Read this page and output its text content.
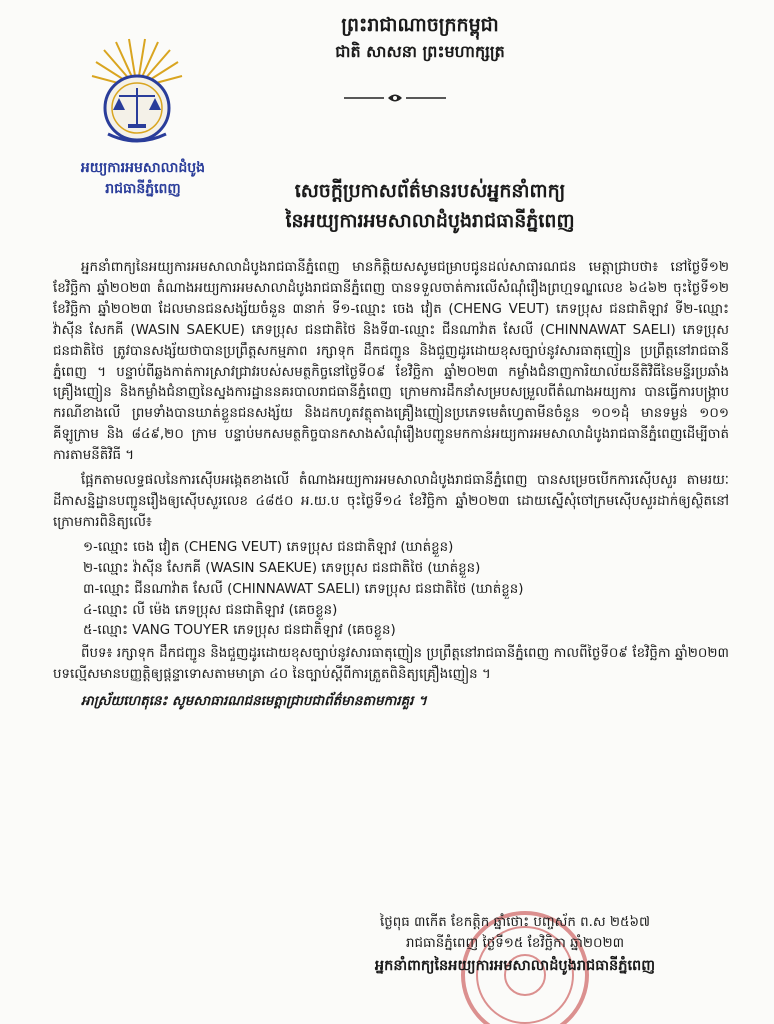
ព្រះរាជាណាចក្រកម្ពុជា
ជាតិ សាសនា ព្រះមហាក្សត្រ
អយ្យការអមសាលាដំបូង
រាជធានីភ្នំពេញ	សេចក្តីប្រកាសព័ត៌មានរបស់អ្នកនាំពាក្យ
នៃអយ្យការអមសាលាដំបូងរាជធានីភ្នំពេញ

អ្នកនាំពាក្យនៃអយ្យការអមសាលាដំបូងរាជធានីភ្នំពេញ មានកិត្តិយសសូមជម្រាបជូនដល់សាធារណជន មេត្តាជ្រាបថា៖ នៅថ្ងៃទី១២ ខែវិច្ឆិកា ឆ្នាំ២០២៣ តំណាងអយ្យការអមសាលាដំបូងរាជធានីភ្នំពេញ បានទទួលចាត់ការលើសំណុំរឿងព្រហ្មទណ្ឌលេខ ៦៤៦២ ចុះថ្ងៃទី១២ ខែវិច្ឆិកា ឆ្នាំ២០២៣ ដែលមានជនសង្ស័យចំនួន ៣នាក់ ទី១-ឈ្មោះ ចេង វៀត (CHENG VEUT) ភេទប្រុស ជនជាតិឡាវ ទី២-ឈ្មោះ វ៉ាស៊ីន សែកគី (WASIN SAEKUE) ភេទប្រុស ជនជាតិថៃ និងទី៣-ឈ្មោះ ជីនណាវ៉ាត សែលី (CHINNAWAT SAELI) ភេទប្រុស ជនជាតិថៃ ត្រូវបានសង្ស័យថាបានប្រព្រឹត្តសកម្មភាព រក្សាទុក ដឹកជញ្ជូន និងជួញដូរដោយខុសច្បាប់នូវសារធាតុញៀន ប្រព្រឹត្តនៅរាជធានីភ្នំពេញ ។ បន្ទាប់ពីឆ្លងកាត់ការស្រាវជ្រាវរបស់សមត្ថកិច្ចនៅថ្ងៃទី០៩ ខែវិច្ឆិកា ឆ្នាំ២០២៣ កម្លាំងជំនាញការិយាល័យនីតិវិធីនៃមន្ទីរប្រឆាំងគ្រឿងញៀន និងកម្លាំងជំនាញនៃស្នងការដ្ឋាននគរបាលរាជធានីភ្នំពេញ ក្រោមការដឹកនាំសម្របសម្រួលពីតំណាងអយ្យការ បានធ្វើការបង្ក្រាបករណីខាងលើ ព្រមទាំងបានឃាត់ខ្លួនជនសង្ស័យ និងដកហូតវត្ថុតាងគ្រឿងញៀនប្រភេទមេតំហ្វេតាមីនចំនួន ១០១ដុំ មានទម្ងន់ ១០១ គីឡូក្រាម និង ៨៤៩,២០ ក្រាម បន្ទាប់មកសមត្ថកិច្ចបានកសាងសំណុំរឿងបញ្ជូនមកកាន់អយ្យការអមសាលាដំបូងរាជធានីភ្នំពេញដើម្បីចាត់ការតាមនីតិវិធី ។

ផ្អែកតាមលទ្ធផលនៃការស៊ើបអង្កេតខាងលើ តំណាងអយ្យការអមសាលាដំបូងរាជធានីភ្នំពេញ បានសម្រេចបើកការស៊ើបសួរ តាមរយៈដីកាសន្និដ្ឋានបញ្ជូនរឿងឲ្យស៊ើបសួរលេខ ៤៨៥០ អ.យ.ប ចុះថ្ងៃទី១៤ ខែវិច្ឆិកា ឆ្នាំ២០២៣ ដោយស្នើសុំចៅក្រមស៊ើបសួរដាក់ឲ្យស្ថិតនៅក្រោមការពិនិត្យលើ៖

១-ឈ្មោះ ចេង វៀត (CHENG VEUT) ភេទប្រុស ជនជាតិឡាវ (ឃាត់ខ្លួន)
២-ឈ្មោះ វ៉ាស៊ីន សែកគី (WASIN SAEKUE) ភេទប្រុស ជនជាតិថៃ (ឃាត់ខ្លួន)
៣-ឈ្មោះ ជីនណាវ៉ាត សែលី (CHINNAWAT SAELI) ភេទប្រុស ជនជាតិថៃ (ឃាត់ខ្លួន)
៤-ឈ្មោះ លី ម៉េង ភេទប្រុស ជនជាតិឡាវ (គេចខ្លួន)
៥-ឈ្មោះ VANG TOUYER ភេទប្រុស ជនជាតិឡាវ (គេចខ្លួន)

ពីបទ៖ រក្សាទុក ដឹកជញ្ជូន និងជួញដូរដោយខុសច្បាប់នូវសារធាតុញៀន ប្រព្រឹត្តនៅរាជធានីភ្នំពេញ កាលពីថ្ងៃទី០៩ ខែវិច្ឆិកា ឆ្នាំ២០២៣ បទល្មើសមានបញ្ញត្តិឲ្យផ្តន្ទាទោសតាមមាត្រា ៤០ នៃច្បាប់ស្តីពីការត្រួតពិនិត្យគ្រឿងញៀន ។

អាស្រ័យហេតុនេះ សូមសាធារណជនមេត្តាជ្រាបជាព័ត៌មានតាមការគួរ ។

ថ្ងៃពុធ ៣កើត ខែកត្តិក ឆ្នាំថោះ បញ្ចស័ក ព.ស ២៥៦៧
រាជធានីភ្នំពេញ ថ្ងៃទី១៥ ខែវិច្ឆិកា ឆ្នាំ២០២៣
អ្នកនាំពាក្យនៃអយ្យការអមសាលាដំបូងរាជធានីភ្នំពេញ
